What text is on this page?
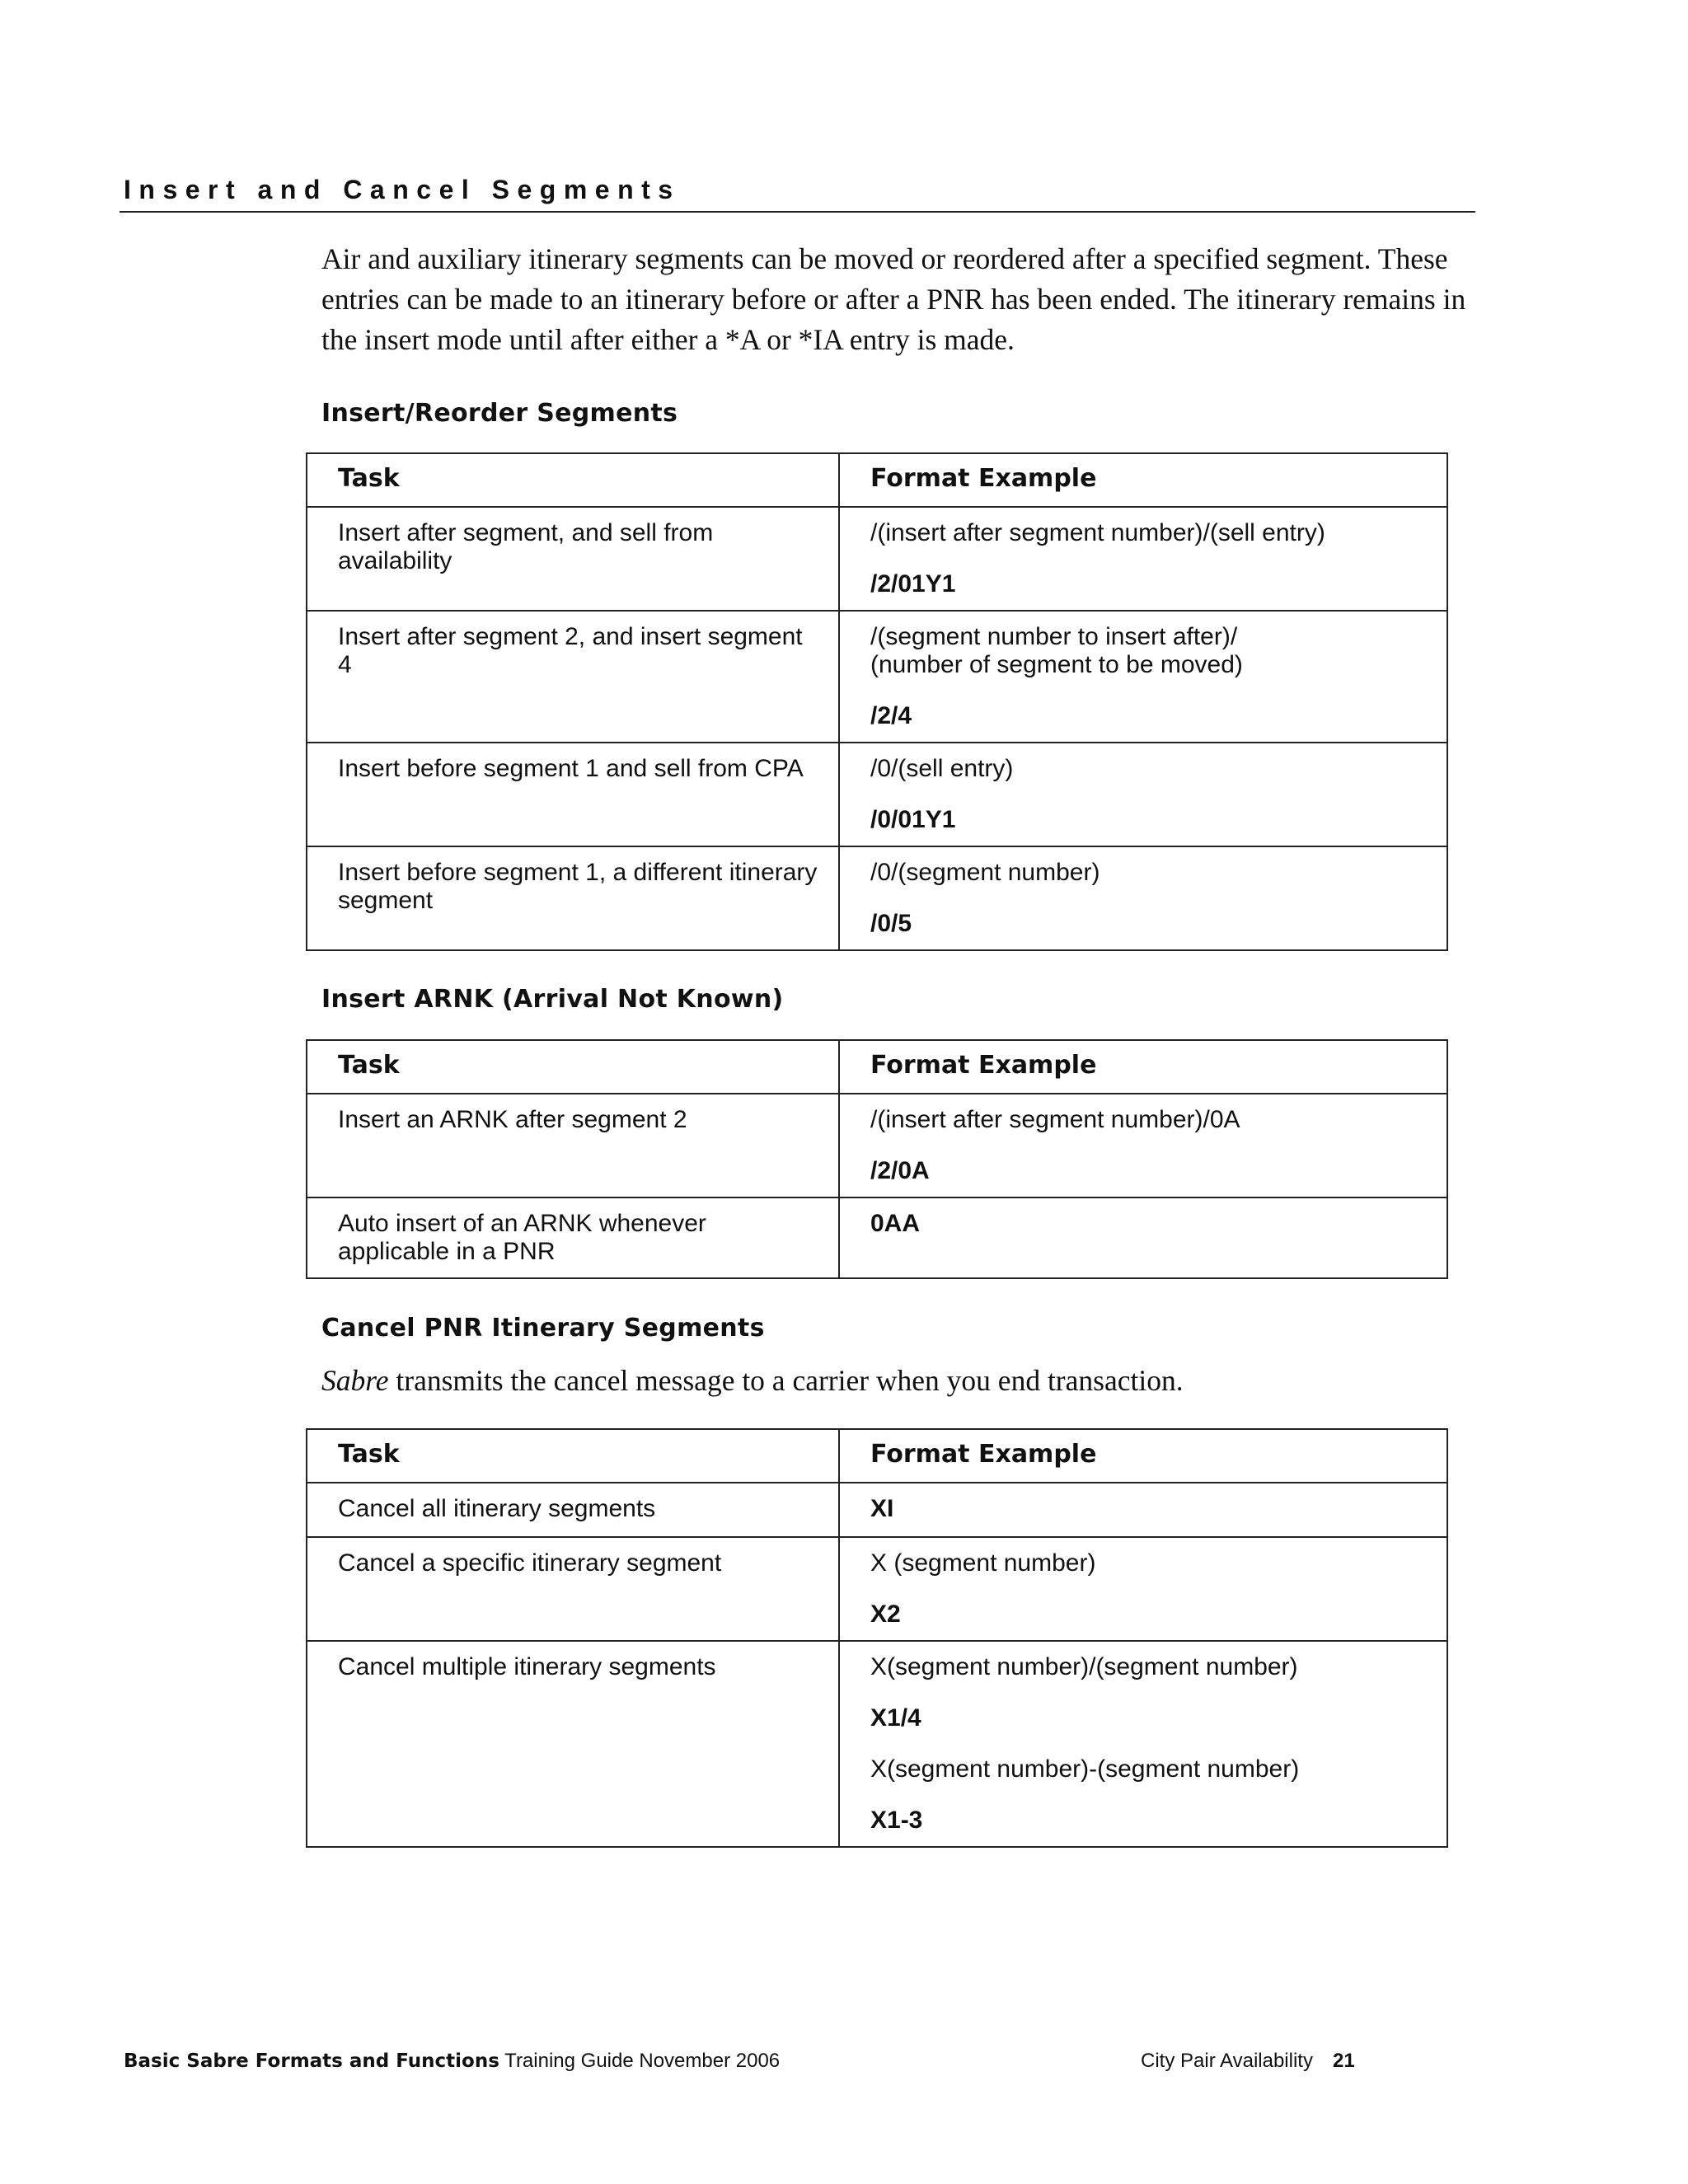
Insert and Cancel Segments

Air and auxiliary itinerary segments can be moved or reordered after a specified segment. These entries can be made to an itinerary before or after a PNR has been ended. The itinerary remains in the insert mode until after either a *A or *IA entry is made.

Insert/Reorder Segments
Task	Format Example
Insert after segment, and sell from availability	/(insert after segment number)/(sell entry)
/2/01Y1

Insert after segment 2, and insert segment 4	/(segment number to insert after)/ (number of segment to be moved)
/2/4

Insert before segment 1 and sell from CPA	/0/(sell entry)
/0/01Y1

Insert before segment 1, a different itinerary segment	/0/(segment number)
/0/5
Insert ARNK (Arrival Not Known)
Task	Format Example
Insert an ARNK after segment 2	/(insert after segment number)/0A
/2/0A

Auto insert of an ARNK whenever applicable in a PNR	0AA
Cancel PNR Itinerary Segments

Sabre transmits the cancel message to a carrier when you end transaction.

Task	Format Example
Cancel all itinerary segments	XI

Cancel a specific itinerary segment	X (segment number)
X2

Cancel multiple itinerary segments	X(segment number)/(segment number)
X1/4
X(segment number)-(segment number)
X1-3
Basic Sabre Formats and Functions Training Guide November 2006	City Pair Availability 21
